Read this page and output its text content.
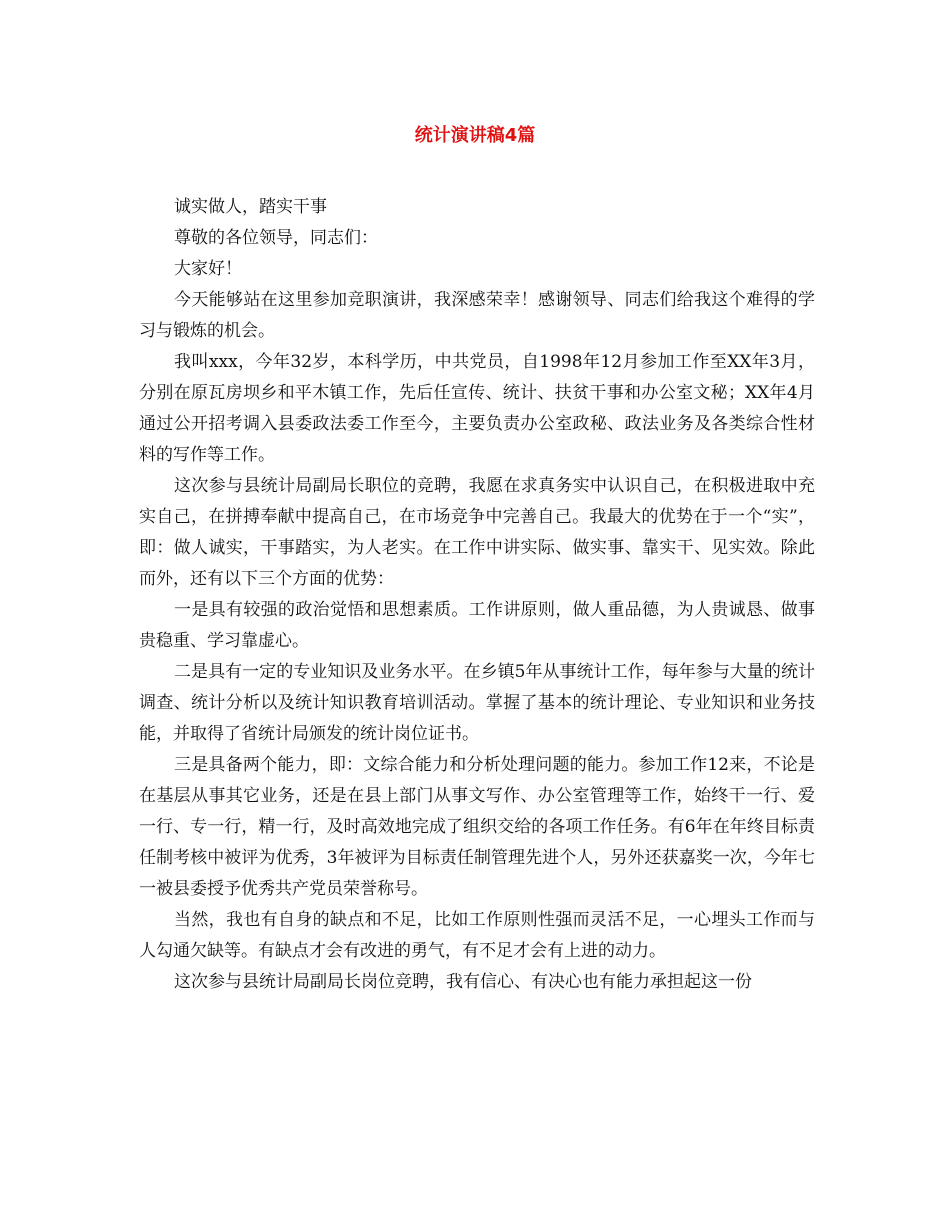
统计演讲稿4篇

诚实做人，踏实干事

尊敬的各位领导，同志们：

大家好！

今天能够站在这里参加竞职演讲，我深感荣幸！感谢领导、同志们给我这个难得的学习与锻炼的机会。

我叫xxx，今年32岁，本科学历，中共党员，自1998年12月参加工作至XX年3月，分别在原瓦房坝乡和平木镇工作，先后任宣传、统计、扶贫干事和办公室文秘；XX年4月通过公开招考调入县委政法委工作至今，主要负责办公室政秘、政法业务及各类综合性材料的写作等工作。

这次参与县统计局副局长职位的竞聘，我愿在求真务实中认识自己，在积极进取中充实自己，在拼搏奉献中提高自己，在市场竞争中完善自己。我最大的优势在于一个“实”，即：做人诚实，干事踏实，为人老实。在工作中讲实际、做实事、靠实干、见实效。除此而外，还有以下三个方面的优势：

一是具有较强的政治觉悟和思想素质。工作讲原则，做人重品德，为人贵诚恳、做事贵稳重、学习靠虚心。

二是具有一定的专业知识及业务水平。在乡镇5年从事统计工作，每年参与大量的统计调查、统计分析以及统计知识教育培训活动。掌握了基本的统计理论、专业知识和业务技能，并取得了省统计局颁发的统计岗位证书。

三是具备两个能力，即：文综合能力和分析处理问题的能力。参加工作12来，不论是在基层从事其它业务，还是在县上部门从事文写作、办公室管理等工作，始终干一行、爱一行、专一行，精一行，及时高效地完成了组织交给的各项工作任务。有6年在年终目标责任制考核中被评为优秀，3年被评为目标责任制管理先进个人，另外还获嘉奖一次，今年七一被县委授予优秀共产党员荣誉称号。

当然，我也有自身的缺点和不足，比如工作原则性强而灵活不足，一心埋头工作而与人勾通欠缺等。有缺点才会有改进的勇气，有不足才会有上进的动力。

这次参与县统计局副局长岗位竞聘，我有信心、有决心也有能力承担起这一份
